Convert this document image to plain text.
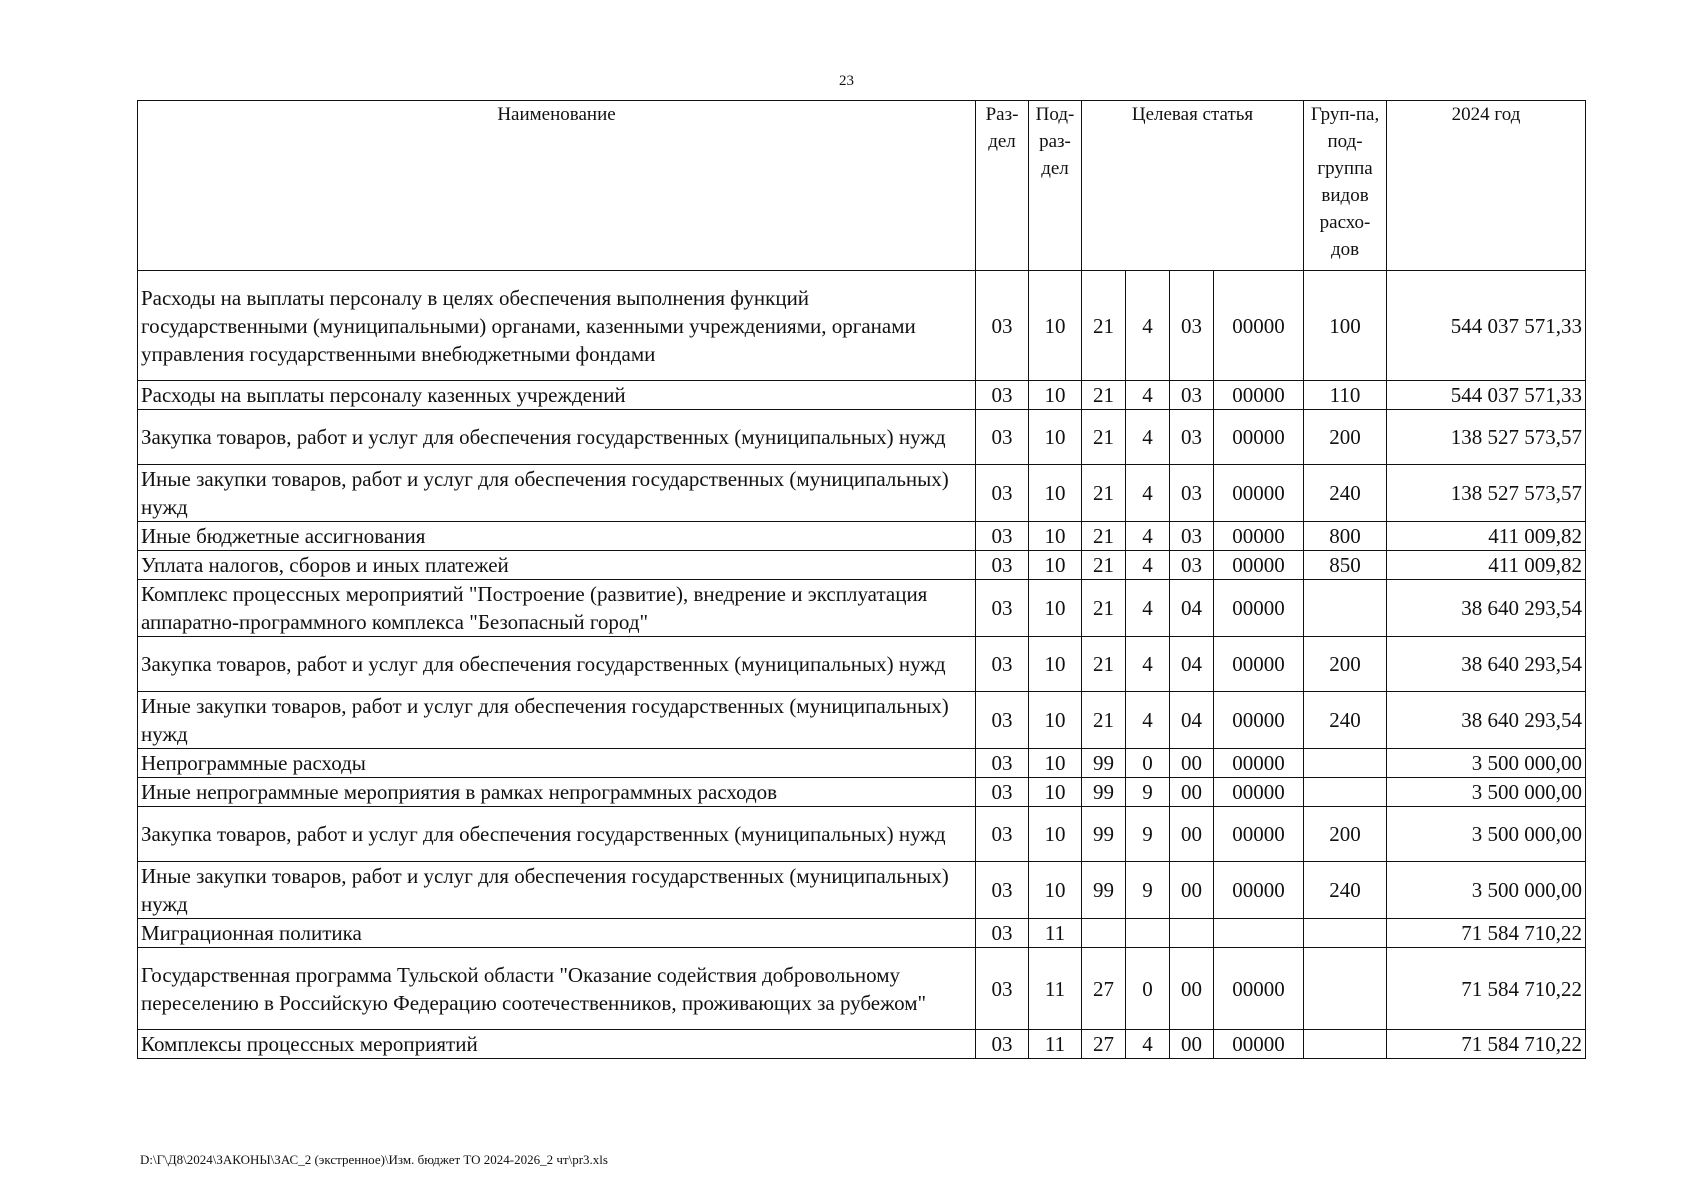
23
Наименование	Раз-дел	Под-раз-дел	Целевая статья				Груп-па, под-группа видов расхо-дов	2024 год
Расходы на выплаты персоналу в целях обеспечения выполнения функций государственными (муниципальными) органами, казенными учреждениями, органами управления государственными внебюджетными фондами	03	10	21	4	03	00000	100	544 037 571,33
Расходы на выплаты персоналу казенных учреждений	03	10	21	4	03	00000	110	544 037 571,33
Закупка товаров, работ и услуг для обеспечения государственных (муниципальных) нужд	03	10	21	4	03	00000	200	138 527 573,57
Иные закупки товаров, работ и услуг для обеспечения государственных (муниципальных) нужд	03	10	21	4	03	00000	240	138 527 573,57
Иные бюджетные ассигнования	03	10	21	4	03	00000	800	411 009,82
Уплата налогов, сборов и иных платежей	03	10	21	4	03	00000	850	411 009,82
Комплекс процессных мероприятий "Построение (развитие), внедрение и эксплуатация аппаратно-программного комплекса "Безопасный город"	03	10	21	4	04	00000		38 640 293,54
Закупка товаров, работ и услуг для обеспечения государственных (муниципальных) нужд	03	10	21	4	04	00000	200	38 640 293,54
Иные закупки товаров, работ и услуг для обеспечения государственных (муниципальных) нужд	03	10	21	4	04	00000	240	38 640 293,54
Непрограммные расходы	03	10	99	0	00	00000		3 500 000,00
Иные непрограммные мероприятия в рамках непрограммных расходов	03	10	99	9	00	00000		3 500 000,00
Закупка товаров, работ и услуг для обеспечения государственных (муниципальных) нужд	03	10	99	9	00	00000	200	3 500 000,00
Иные закупки товаров, работ и услуг для обеспечения государственных (муниципальных) нужд	03	10	99	9	00	00000	240	3 500 000,00
Миграционная политика	03	11						71 584 710,22
Государственная программа Тульской области "Оказание содействия добровольному переселению в Российскую Федерацию соотечественников, проживающих за рубежом"	03	11	27	0	00	00000		71 584 710,22
Комплексы процессных мероприятий	03	11	27	4	00	00000		71 584 710,22
D:\Г\Д8\2024\ЗАКОНЫ\ЗАС_2 (экстренное)\Изм. бюджет ТО 2024-2026_2 чт\pr3.xls
